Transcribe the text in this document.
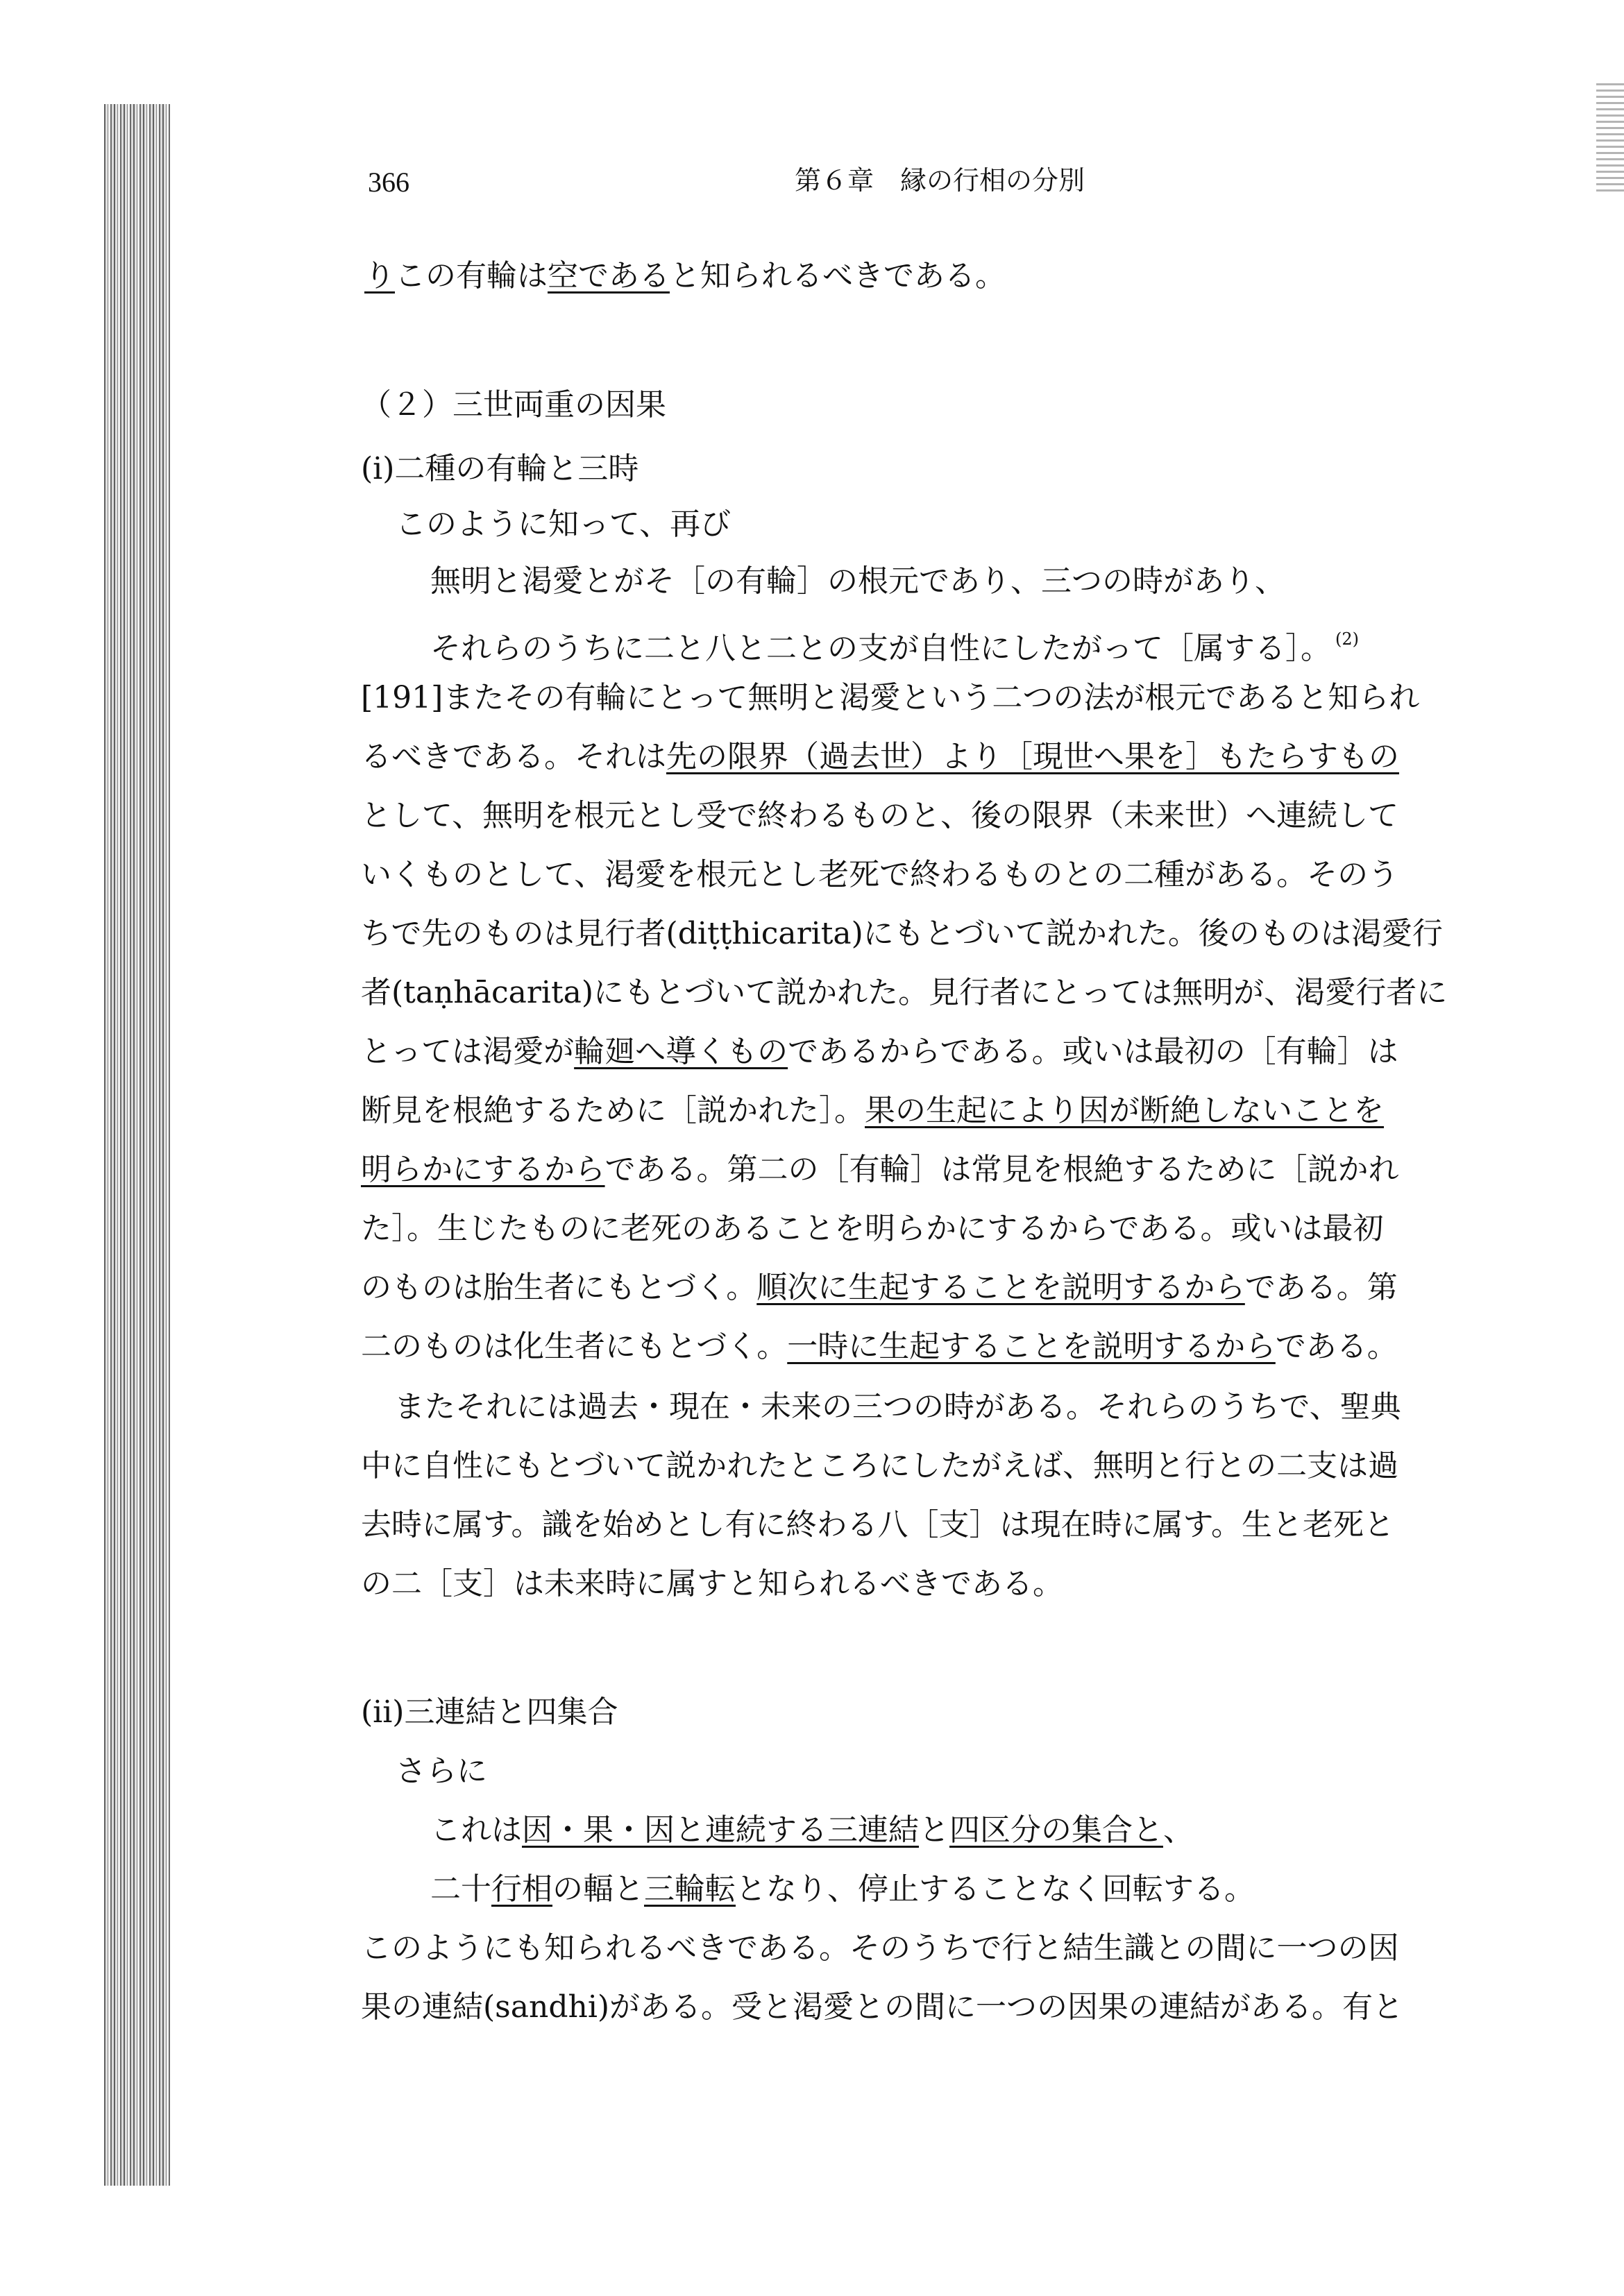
366	第６章　縁の行相の分別
りこの有輪は空であると知られるべきである。
（２）三世両重の因果
(i)二種の有輪と三時
このように知って、再び
無明と渇愛とがそ［の有輪］の根元であり、三つの時があり、
それらのうちに二と八と二との支が自性にしたがって［属する］。 $^{(2)}$
[191]またその有輪にとって無明と渇愛という二つの法が根元であると知られ
るべきである。それは先の限界（過去世）より［現世へ果を］もたらすもの
として、無明を根元とし受で終わるものと、後の限界（未来世）へ連続して
いくものとして、渇愛を根元とし老死で終わるものとの二種がある。そのう
ちで先のものは見行者(diṭṭhicarita)にもとづいて説かれた。後のものは渇愛行
者(taṇhācarita)にもとづいて説かれた。見行者にとっては無明が、渇愛行者に
とっては渇愛が輪廻へ導くものであるからである。或いは最初の［有輪］は
断見を根絶するために［説かれた］。果の生起により因が断絶しないことを
明らかにするからである。第二の［有輪］は常見を根絶するために［説かれ
た］。生じたものに老死のあることを明らかにするからである。或いは最初
のものは胎生者にもとづく。順次に生起することを説明するからである。第
二のものは化生者にもとづく。一時に生起することを説明するからである。
またそれには過去・現在・未来の三つの時がある。それらのうちで、聖典
中に自性にもとづいて説かれたところにしたがえば、無明と行との二支は過
去時に属す。識を始めとし有に終わる八［支］は現在時に属す。生と老死と
の二［支］は未来時に属すと知られるべきである。
(ii)三連結と四集合
さらに
これは因・果・因と連続する三連結と四区分の集合と、
二十行相の輻と三輪転となり、停止することなく回転する。
このようにも知られるべきである。そのうちで行と結生識との間に一つの因
果の連結(sandhi)がある。受と渇愛との間に一つの因果の連結がある。有と
